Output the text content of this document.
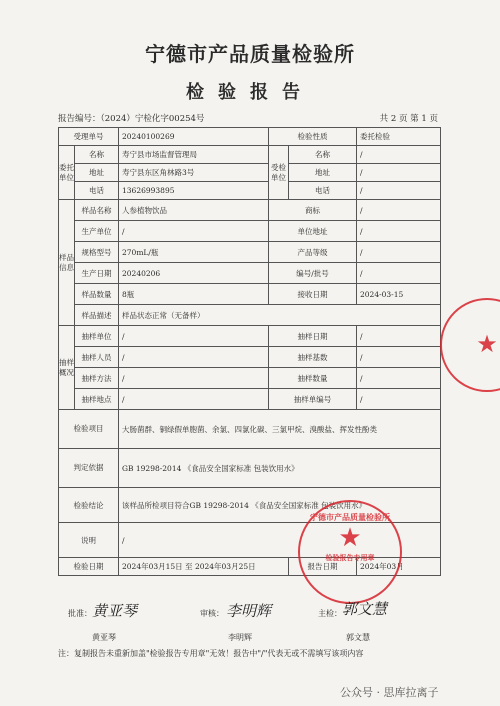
宁德市产品质量检验所
检验报告
报告编号：（2024）宁检化字00254号	共 2 页 第 1 页
受理单号		20240100269	检验性质		委托检验
委托单位	名称	寿宁县市场监督管理局	受检单位	名称	/
	地址	寿宁县东区角林路3号		地址	/
	电话	13626993895		电话	/
样品信息	样品名称	人参植物饮品	商标		/
	生产单位	/	单位地址		/
	规格型号	270mL/瓶	产品等级		/
	生产日期	20240206	编号/批号		/
	样品数量	8瓶	接收日期		2024-03-15
	样品描述	样品状态正常（无备样）			
抽样概况	抽样单位	/	抽样日期		/
	抽样人员	/	抽样基数		/
	抽样方法	/	抽样数量		/
	抽样地点	/	抽样单编号		/
检验项目		大肠菌群、铜绿假单胞菌、余氯、四氯化碳、三氯甲烷、溴酸盐、挥发性酚类			
判定依据		GB 19298-2014 《食品安全国家标准 包装饮用水》			
检验结论		该样品所检项目符合GB 19298-2014 《食品安全国家标准 包装饮用水》			
说明		/			
检验日期		2024年03月15日 至 2024年03月25日		报告日期	2024年03月
★
宁德市产品质量检验所
★
检验报告专用章
批准： 黄亚琴
黄亚琴
审核： 李明辉
李明辉
主检： 郭文慧
郭文慧
注：复制报告未重新加盖"检验报告专用章"无效！报告中"/"代表无或不需填写该项内容
公众号 · 思库拉离子
